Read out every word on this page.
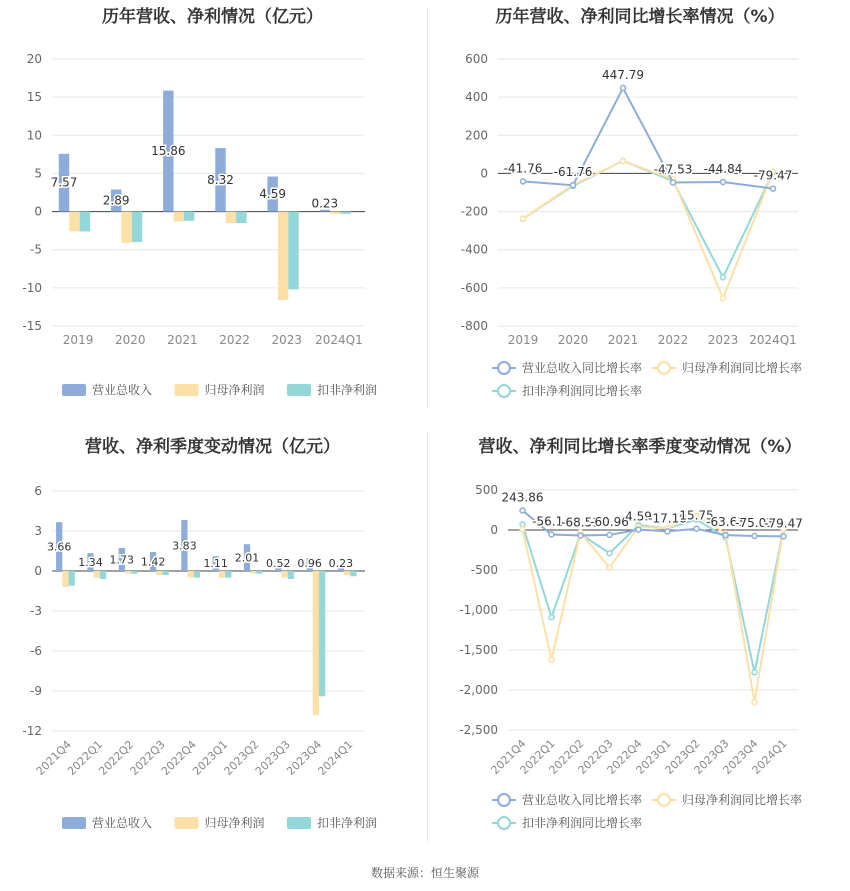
历年营收、净利情况（亿元）
20
15
10
5
0
-5
-10
-15
2019 2020 2021 2022 2023 2024Q1
7.57
2.89
15.86
8.32
4.59
0.23
营业总收入	归母净利润	扣非净利润
历年营收、净利同比增长率情况（%）
600
400
200
0
-200
-400
-600
-800
2019 2020 2021 2022 2023 2024Q1
-41.76 -61.76
447.79
-47.53 -44.84 -79.47
营业总收入同比增长率	归母净利润同比增长率
扣非净利润同比增长率
营收、净利季度变动情况（亿元）
6
3
0
-3
-6
-9
-12
2021Q4
2022Q1
2022Q2
2022Q3
2022Q4
2023Q1
2023Q2
2023Q3
2023Q4
2024Q1
3.66
1.34 1.73 1.42
3.83
1.11 2.01 0.52 0.96 0.23
营业总收入	归母净利润	扣非净利润
营收、净利同比增长率季度变动情况（%）
500
0
-500
-1,000
-1,500
-2,000
-2,500
2021Q4
2022Q1
2022Q2
2022Q3
2022Q4
2023Q1
2023Q2
2023Q3
2023Q4
2024Q1
243.86
-56.14
-68.51
-60.96
4.59
-17.18
15.75
-63.63
-75.03
-79.47
营业总收入同比增长率	归母净利润同比增长率
扣非净利润同比增长率
数据来源：恒生聚源
